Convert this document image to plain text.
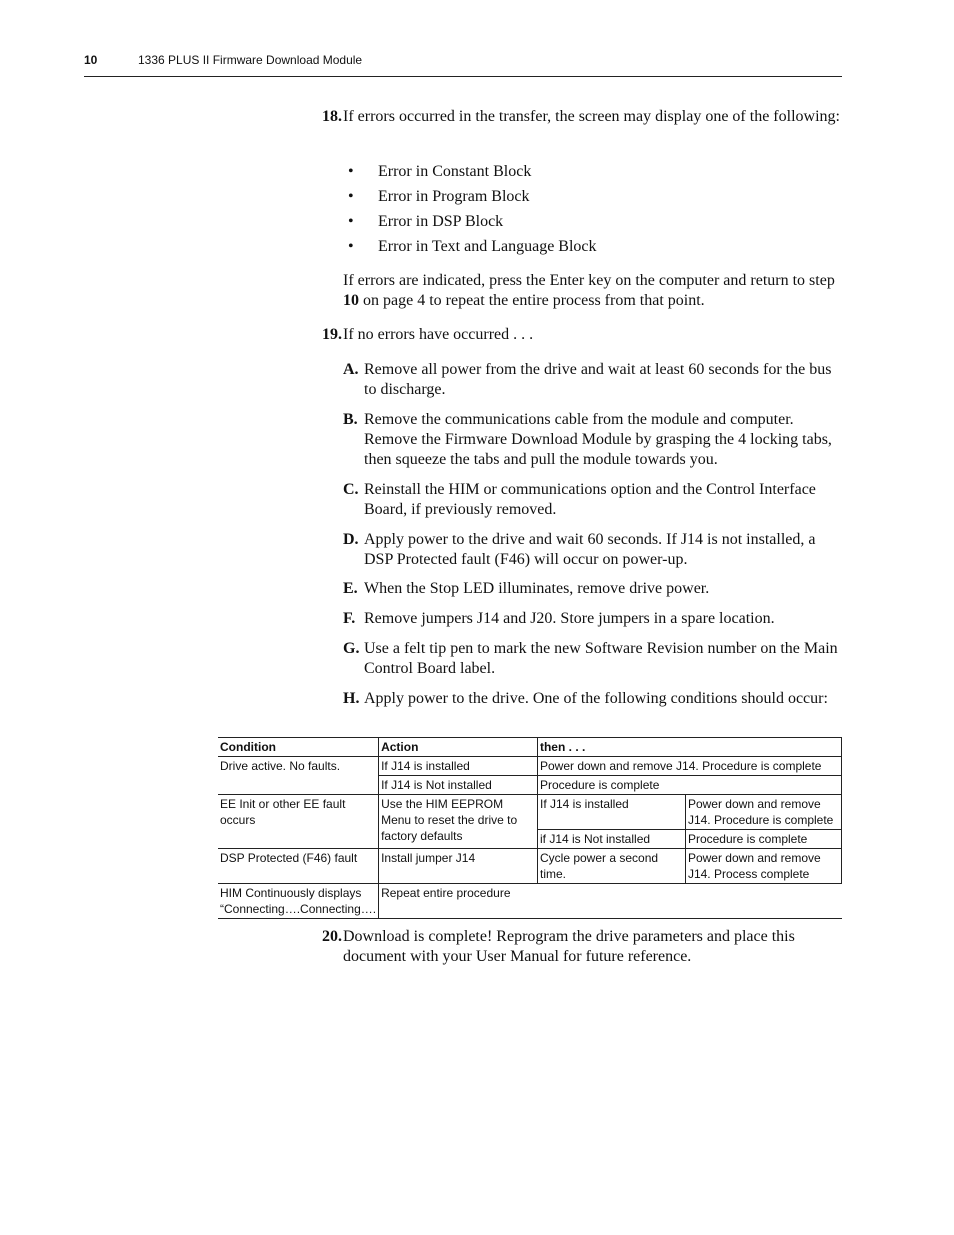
10	1336 PLUS II Firmware Download Module
18. If errors occurred in the transfer, the screen may display one of the following:
• Error in Constant Block
• Error in Program Block
• Error in DSP Block
• Error in Text and Language Block
If errors are indicated, press the Enter key on the computer and return to step 10 on page 4 to repeat the entire process from that point.
19. If no errors have occurred . . .
A. Remove all power from the drive and wait at least 60 seconds for the bus to discharge.
B. Remove the communications cable from the module and computer. Remove the Firmware Download Module by grasping the 4 locking tabs, then squeeze the tabs and pull the module towards you.
C. Reinstall the HIM or communications option and the Control Interface Board, if previously removed.
D. Apply power to the drive and wait 60 seconds. If J14 is not installed, a DSP Protected fault (F46) will occur on power-up.
E. When the Stop LED illuminates, remove drive power.
F. Remove jumpers J14 and J20. Store jumpers in a spare location.
G. Use a felt tip pen to mark the new Software Revision number on the Main Control Board label.
H. Apply power to the drive. One of the following conditions should occur:
Condition	Action	then . . .	
Drive active. No faults.	If J14 is installed	Power down and remove J14. Procedure is complete	
	If J14 is Not installed	Procedure is complete	
EE Init or other EE fault occurs	Use the HIM EEPROM Menu to reset the drive to factory defaults	If J14 is installed	Power down and remove J14. Procedure is complete
		if J14 is Not installed	Procedure is complete
DSP Protected (F46) fault	Install jumper J14	Cycle power a second time.	Power down and remove J14. Process complete
HIM Continuously displays “Connecting….Connecting….	Repeat entire procedure		
20. Download is complete! Reprogram the drive parameters and place this document with your User Manual for future reference.
